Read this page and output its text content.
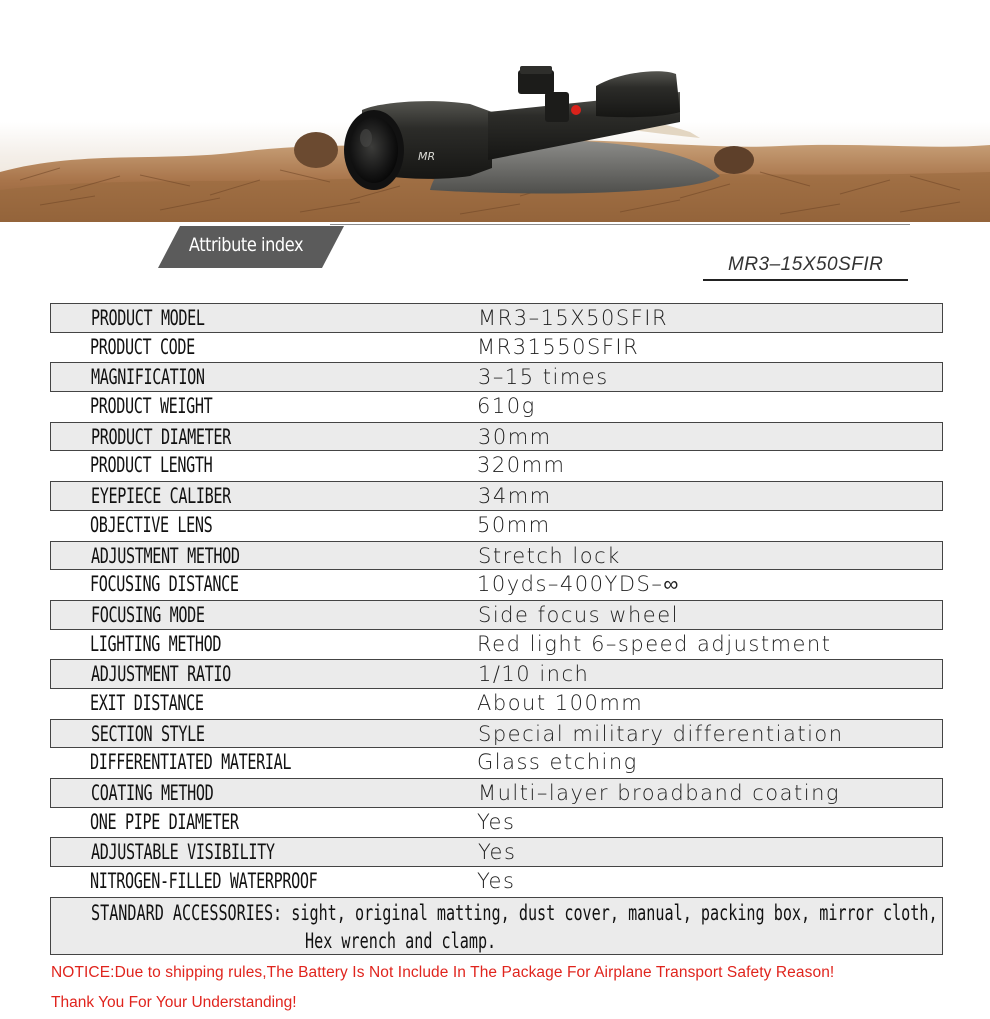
MR
Attribute index
MR3–15X50SFIR
PRODUCT MODEL	MR3–15X50SFIR
PRODUCT CODE	MR31550SFIR
MAGNIFICATION	3–15 times
PRODUCT WEIGHT	610g
PRODUCT DIAMETER	30mm
PRODUCT LENGTH	320mm
EYEPIECE CALIBER	34mm
OBJECTIVE LENS	50mm
ADJUSTMENT METHOD	Stretch lock
FOCUSING DISTANCE	10yds–400YDS–∞
FOCUSING MODE	Side focus wheel
LIGHTING METHOD	Red light 6–speed adjustment
ADJUSTMENT RATIO	1/10 inch
EXIT DISTANCE	About 100mm
SECTION STYLE	Special military differentiation
DIFFERENTIATED MATERIAL	Glass etching
COATING METHOD	Multi–layer broadband coating
ONE PIPE DIAMETER	Yes
ADJUSTABLE VISIBILITY	Yes
NITROGEN-FILLED WATERPROOF	Yes
STANDARD ACCESSORIES: sight, original matting, dust cover, manual, packing box, mirror cloth,
Hex wrench and clamp.
NOTICE:Due to shipping rules,The Battery Is Not Include In The Package For Airplane Transport Safety Reason!
Thank You For Your Understanding!
